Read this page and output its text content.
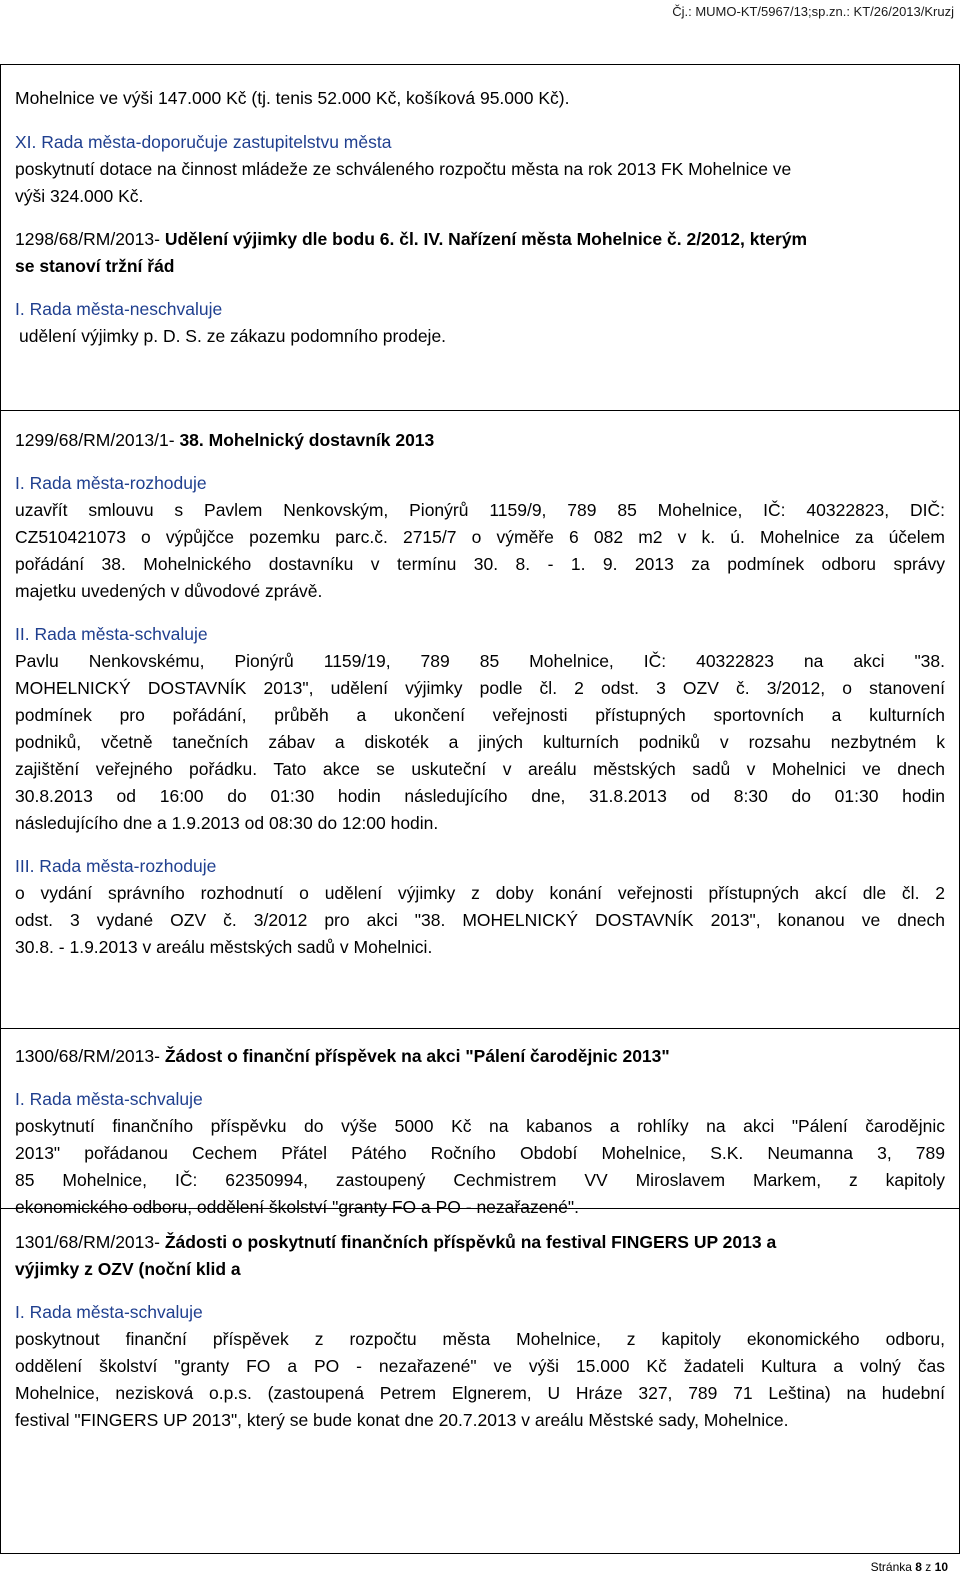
Čj.: MUMO-KT/5967/13;sp.zn.: KT/26/2013/Kruzj
Mohelnice ve výši 147.000 Kč (tj. tenis 52.000 Kč, košíková 95.000 Kč).
XI. Rada města-doporučuje zastupitelstvu města
poskytnutí dotace na činnost mládeže ze schváleného rozpočtu města na rok 2013 FK Mohelnice ve
výši 324.000 Kč.
1298/68/RM/2013- Udělení výjimky dle bodu 6. čl. IV. Nařízení města Mohelnice č. 2/2012, kterým
se stanoví tržní řád
I. Rada města-neschvaluje
udělení výjimky p. D. S. ze zákazu podomního prodeje.
1299/68/RM/2013/1- 38. Mohelnický dostavník 2013
I. Rada města-rozhoduje
uzavřít smlouvu s Pavlem Nenkovským, Pionýrů 1159/9, 789 85 Mohelnice, IČ: 40322823, DIČ:
CZ510421073 o výpůjčce pozemku parc.č. 2715/7 o výměře 6 082 m2 v k. ú. Mohelnice za účelem
pořádání 38. Mohelnického dostavníku v termínu 30. 8. - 1. 9. 2013 za podmínek odboru správy
majetku uvedených v důvodové zprávě.
II. Rada města-schvaluje
Pavlu Nenkovskému, Pionýrů 1159/19, 789 85 Mohelnice, IČ: 40322823 na akci "38.
MOHELNICKÝ DOSTAVNÍK 2013", udělení výjimky podle čl. 2 odst. 3 OZV č. 3/2012, o stanovení
podmínek pro pořádání, průběh a ukončení veřejnosti přístupných sportovních a kulturních
podniků, včetně tanečních zábav a diskoték a jiných kulturních podniků v rozsahu nezbytném k
zajištění veřejného pořádku. Tato akce se uskuteční v areálu městských sadů v Mohelnici ve dnech
30.8.2013 od 16:00 do 01:30 hodin následujícího dne, 31.8.2013 od 8:30 do 01:30 hodin
následujícího dne a 1.9.2013 od 08:30 do 12:00 hodin.
III. Rada města-rozhoduje
o vydání správního rozhodnutí o udělení výjimky z doby konání veřejnosti přístupných akcí dle čl. 2
odst. 3 vydané OZV č. 3/2012 pro akci "38. MOHELNICKÝ DOSTAVNÍK 2013", konanou ve dnech
30.8. - 1.9.2013 v areálu městských sadů v Mohelnici.
1300/68/RM/2013- Žádost o finanční příspěvek na akci "Pálení čarodějnic 2013"
I. Rada města-schvaluje
poskytnutí finančního příspěvku do výše 5000 Kč na kabanos a rohlíky na akci "Pálení čarodějnic
2013" pořádanou Cechem Přátel Pátého Ročního Období Mohelnice, S.K. Neumanna 3, 789
85 Mohelnice, IČ: 62350994, zastoupený Cechmistrem VV Miroslavem Markem, z kapitoly
ekonomického odboru, oddělení školství "granty FO a PO - nezařazené".
1301/68/RM/2013- Žádosti o poskytnutí finančních příspěvků na festival FINGERS UP 2013 a
výjimky z OZV (noční klid a
I. Rada města-schvaluje
poskytnout finanční příspěvek z rozpočtu města Mohelnice, z kapitoly ekonomického odboru,
oddělení školství "granty FO a PO - nezařazené" ve výši 15.000 Kč žadateli Kultura a volný čas
Mohelnice, nezisková o.p.s. (zastoupená Petrem Elgnerem, U Hráze 327, 789 71 Leština) na hudební
festival "FINGERS UP 2013", který se bude konat dne 20.7.2013 v areálu Městské sady, Mohelnice.
Stránka 8 z 10
